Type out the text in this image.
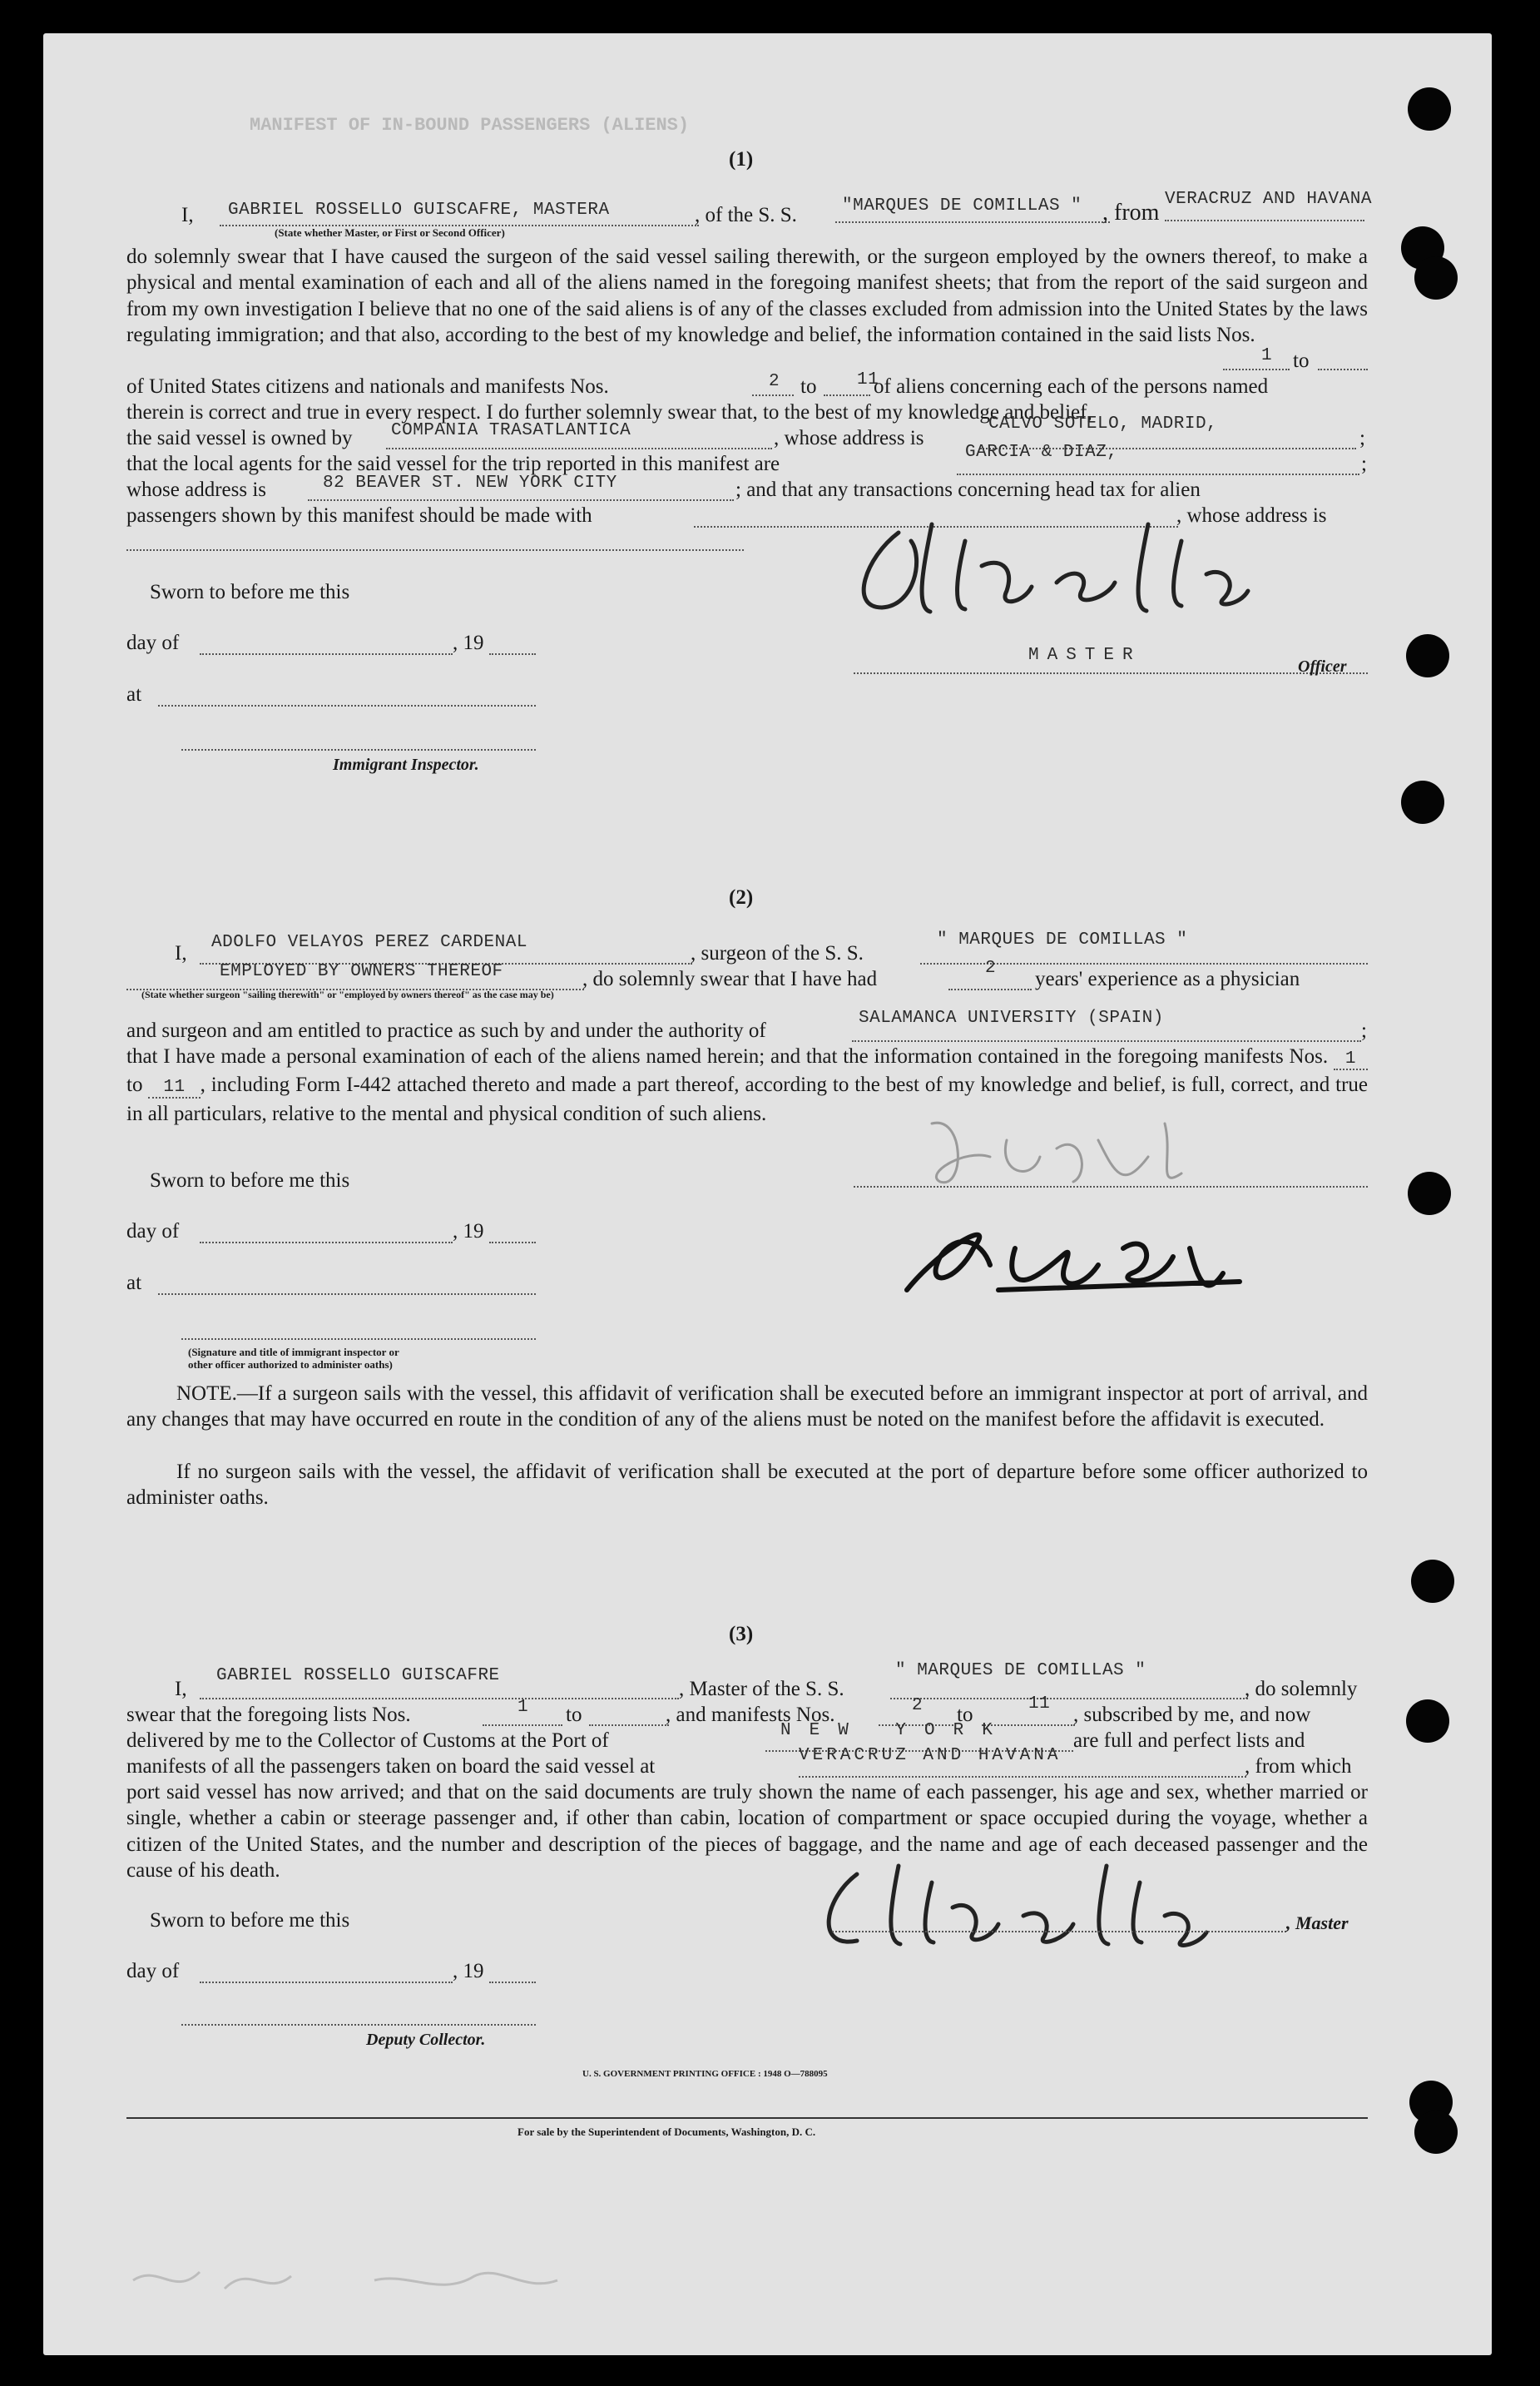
MANIFEST OF IN-BOUND PASSENGERS (ALIENS)
(1)
I, GABRIEL ROSSELLO GUISCAFRE, MASTERA	, of the S. S.	"MARQUES DE COMILLAS " , from
VERACRUZ AND HAVANA
(State whether Master, or First or Second Officer)
do solemnly swear that I have caused the surgeon of the said vessel sailing therewith, or the surgeon employed by the owners thereof, to make a physical and mental examination of each and all of the aliens named in the foregoing manifest sheets; that from the report of the said surgeon and from my own investigation I believe that no one of the said aliens is of any of the classes excluded from admission into the United States by the laws regulating immigration; and that also, according to the best of my knowledge and belief, the information contained in the said lists Nos.
1 to
of United States citizens and nationals and manifests Nos.	2 to 11
of aliens concerning each of the persons named
therein is correct and true in every respect. I do further solemnly swear that, to the best of my knowledge and belief,
the said vessel is owned by COMPANIA TRASATLANTICA	, whose address is
CALVO SOTELO, MADRID,
;
that the local agents for the said vessel for the trip reported in this manifest are
GARCIA & DIAZ,
;
whose address is	82 BEAVER ST. NEW YORK CITY	; and that any transactions concerning head tax for alien
passengers shown by this manifest should be made with	, whose address is
Sworn to before me this
day of	, 19
MASTER
Officer
at
Immigrant Inspector.
(2)
I, ADOLFO VELAYOS PEREZ CARDENAL	, surgeon of the S. S.
" MARQUES DE COMILLAS "
EMPLOYED BY OWNERS THEREOF	, do solemnly swear that I have had	2 years' experience as a physician
(State whether surgeon "sailing therewith" or "employed by owners thereof" as the case may be)
and surgeon and am entitled to practice as such by and under the authority of
SALAMANCA UNIVERSITY (SPAIN)
;
that I have made a personal examination of each of the aliens named herein; and that the information contained in the foregoing manifests Nos. 1 to 11 , including Form I-442 attached thereto and made a part thereof, according to the best of my knowledge and belief, is full, correct, and true in all particulars, relative to the mental and physical condition of such aliens.
Sworn to before me this
day of	, 19
at
(Signature and title of immigrant inspector or
other officer authorized to administer oaths)
NOTE.—If a surgeon sails with the vessel, this affidavit of verification shall be executed before an immigrant inspector at port of arrival, and any changes that may have occurred en route in the condition of any of the aliens must be noted on the manifest before the affidavit is executed.
If no surgeon sails with the vessel, the affidavit of verification shall be executed at the port of departure before some officer authorized to administer oaths.
(3)
I,
GABRIEL ROSSELLO GUISCAFRE
, Master of the S. S.
" MARQUES DE COMILLAS "
, do solemnly
swear that the foregoing lists Nos.	1 to	, and manifests Nos.	2 to	11 , subscribed by me, and now
delivered by me to the Collector of Customs at the Port of	NEW YORK	are full and perfect lists and
manifests of all the passengers taken on board the said vessel at	VERACRUZ AND HAVANA	, from which
port said vessel has now arrived; and that on the said documents are truly shown the name of each passenger, his age and sex, whether married or single, whether a cabin or steerage passenger and, if other than cabin, location of compartment or space occupied during the voyage, whether a citizen of the United States, and the number and description of the pieces of baggage, and the name and age of each deceased passenger and the cause of his death.
Sworn to before me this	, Master
day of	, 19
Deputy Collector.
U. S. GOVERNMENT PRINTING OFFICE : 1948 O—788095
For sale by the Superintendent of Documents, Washington, D. C.
